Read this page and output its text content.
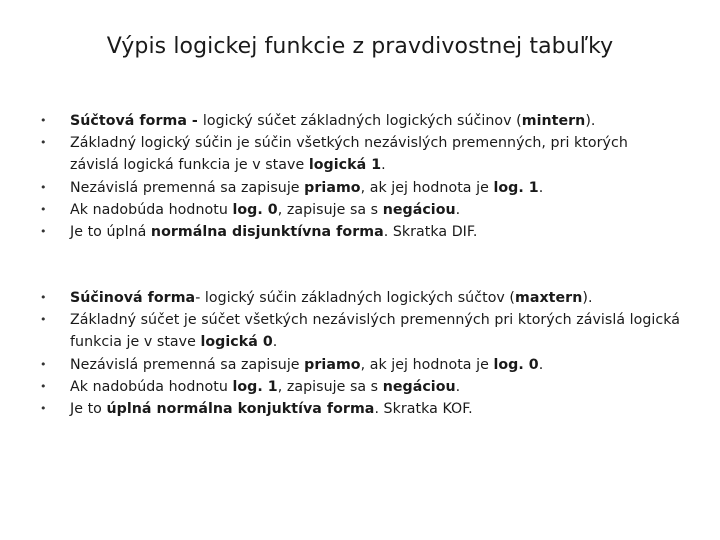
Výpis logickej funkcie z pravdivostnej tabuľky
• Súčtová forma - logický súčet základných logických súčinov (mintern).
• Základný logický súčin je súčin všetkých nezávislých premenných, pri ktorých závislá logická funkcia je v stave logická 1.
• Nezávislá premenná sa zapisuje priamo, ak jej hodnota je log. 1.
• Ak nadobúda hodnotu log. 0, zapisuje sa s negáciou.
• Je to úplná normálna disjunktívna forma. Skratka DIF.
• Súčinová forma- logický súčin základných logických súčtov (maxtern).
• Základný súčet je súčet všetkých nezávislých premenných pri ktorých závislá logická funkcia je v stave logická 0.
• Nezávislá premenná sa zapisuje priamo, ak jej hodnota je log. 0.
• Ak nadobúda hodnotu log. 1, zapisuje sa s negáciou.
• Je to úplná normálna konjuktíva forma. Skratka KOF.
